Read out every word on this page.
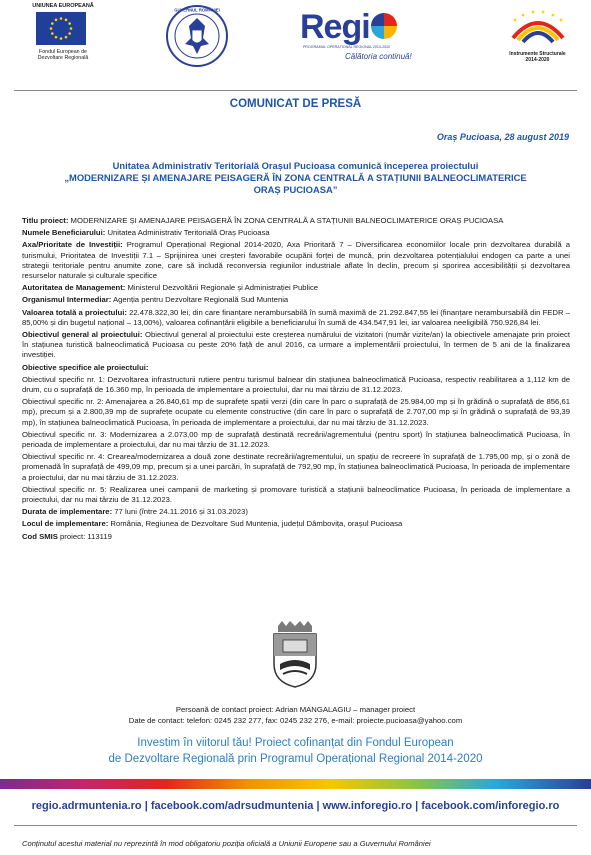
UNIUNEA EUROPEANĂ
Fondul European de
Dezvoltare Regională
GUVERNUL ROMÂNIEI Regi
PROGRAMUL OPERAȚIONAL REGIONAL 2014-2020
Călătoria continuă!	Instrumente Structurale
2014-2020
COMUNICAT DE PRESĂ
Oraș Pucioasa, 28 august 2019
Unitatea Administrativ Teritorială Orașul Pucioasa comunică începerea proiectului
„MODERNIZARE ȘI AMENAJARE PEISAGERĂ ÎN ZONA CENTRALĂ A STAȚIUNII BALNEOCLIMATERICE
ORAȘ PUCIOASA”

Titlu proiect: MODERNIZARE ȘI AMENAJARE PEISAGERĂ ÎN ZONA CENTRALĂ A STAȚIUNII BALNEOCLIMATERICE ORAȘ PUCIOASA

Numele Beneficiarului: Unitatea Administrativ Teritorială Oraș Pucioasa

Axa/Prioritate de Investiții: Programul Operațional Regional 2014-2020, Axa Prioritară 7 – Diversificarea economiilor locale prin dezvoltarea durabilă a turismului, Prioritatea de Investiții 7.1 – Sprijinirea unei creșteri favorabile ocupării forței de muncă, prin dezvoltarea potențialului endogen ca parte a unei strategii teritoriale pentru anumite zone, care să includă reconversia regiunilor industriale aflate în declin, precum și sporirea accesibilității și dezvoltarea resurselor naturale și culturale specifice

Autoritatea de Management: Ministerul Dezvoltării Regionale și Administrației Publice

Organismul Intermediar: Agenția pentru Dezvoltare Regională Sud Muntenia

Valoarea totală a proiectului: 22.478.322,30 lei, din care finanțare nerambursabilă în sumă maximă de 21.292.847,55 lei (finanțare nerambursabilă din FEDR – 85,00% și din bugetul național – 13,00%), valoarea cofinanțării eligibile a beneficiarului în sumă de 434.547,91 lei, iar valoarea neeligibilă 750.926,84 lei.

Obiectivul general al proiectului: Obiectivul general al proiectului este creșterea numărului de vizitatori (număr vizite/an) la obiectivele amenajate prin proiect în stațiunea turistică balneoclimatică Pucioasa cu peste 20% față de anul 2016, ca urmare a implementării proiectului, în termen de 5 ani de la finalizarea investiției.

Obiective specifice ale proiectului:

Obiectivul specific nr. 1: Dezvoltarea infrastructurii rutiere pentru turismul balnear din stațiunea balneoclimatică Pucioasa, respectiv reabilitarea a 1,112 km de drum, cu o suprafață de 16.360 mp, în perioada de implementare a proiectului, dar nu mai târziu de 31.12.2023.

Obiectivul specific nr. 2: Amenajarea a 26.840,61 mp de suprafețe spații verzi (din care în parc o suprafață de 25.984,00 mp și în grădină o suprafață de 856,61 mp), precum și a 2.800,39 mp de suprafețe ocupate cu elemente constructive (din care în parc o suprafață de 2.707,00 mp și în grădină o suprafață de 93,39 mp), în stațiunea balneoclimatică Pucioasa, în perioada de implementare a proiectului, dar nu mai târziu de 31.12.2023.

Obiectivul specific nr. 3: Modernizarea a 2.073,00 mp de suprafață destinată recreării/agrementului (pentru sport) în stațiunea balneoclimatică Pucioasa, în perioada de implementare a proiectului, dar nu mai târziu de 31.12.2023.

Obiectivul specific nr. 4: Crearea/modernizarea a două zone destinate recreării/agrementului, un spațiu de recreere în suprafață de 1.795,00 mp, și o zonă de promenadă în suprafață de 499,09 mp, precum și a unei parcări, în suprafață de 792,90 mp, în stațiunea balneoclimatică Pucioasa, în perioada de implementare a proiectului, dar nu mai târziu de 31.12.2023.

Obiectivul specific nr. 5: Realizarea unei campanii de marketing și promovare turistică a stațiunii balneoclimatice Pucioasa, în perioada de implementare a proiectului, dar nu mai târziu de 31.12.2023.

Durata de implementare: 77 luni (între 24.11.2016 și 31.03.2023)

Locul de implementare: România, Regiunea de Dezvoltare Sud Muntenia, județul Dâmbovița, orașul Pucioasa

Cod SMIS proiect: 113119

Persoană de contact proiect: Adrian MANGALAGIU – manager proiect
Date de contact: telefon: 0245 232 277, fax: 0245 232 276, e-mail: proiecte.pucioasa@yahoo.com
Investim în viitorul tău! Proiect cofinanțat din Fondul European
de Dezvoltare Regională prin Programul Operațional Regional 2014-2020
regio.adrmuntenia.ro | facebook.com/adrsudmuntenia | www.inforegio.ro | facebook.com/inforegio.ro
Conținutul acestui material nu reprezintă în mod obligatoriu poziția oficială a Uniunii Europene sau a Guvernului României
